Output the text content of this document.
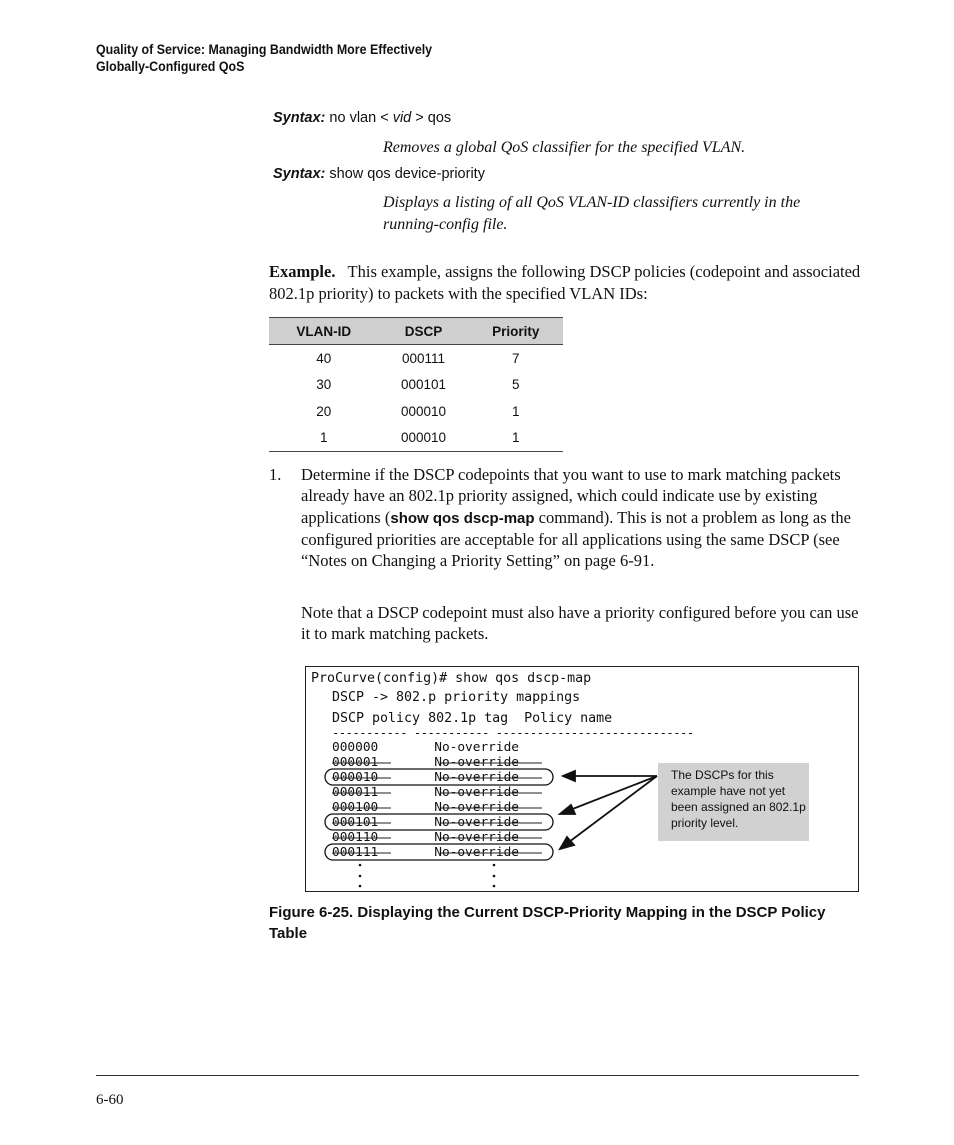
Quality of Service: Managing Bandwidth More Effectively
Globally-Configured QoS
Syntax: no vlan < vid > qos
Removes a global QoS classifier for the specified VLAN.
Syntax: show qos device-priority
Displays a listing of all QoS VLAN-ID classifiers currently in the running-config file.
Example. This example, assigns the following DSCP policies (codepoint and associated 802.1p priority) to packets with the specified VLAN IDs:
VLAN-ID	DSCP	Priority
40	000111	7
30	000101	5
20	000010	1
1	000010	1
1.	Determine if the DSCP codepoints that you want to use to mark matching packets already have an 802.1p priority assigned, which could indicate use by existing applications (show qos dscp-map command). This is not a problem as long as the configured priorities are acceptable for all applications using the same DSCP (see “Notes on Changing a Priority Setting” on page 6-91.
Note that a DSCP codepoint must also have a priority configured before you can use it to mark matching packets.
ProCurve(config)# show qos dscp-map
DSCP -> 802.p priority mappings
DSCP policy 802.1p tag  Policy name
----------- ----------- -----------------------------
000000	No-override
000001	No-override
000010	No-override
000011	No-override
000100	No-override
000101	No-override
000110	No-override
000111	No-override
The DSCPs for this example have not yet been assigned an 802.1p priority level.
Figure 6-25. Displaying the Current DSCP-Priority Mapping in the DSCP Policy Table
6-60
